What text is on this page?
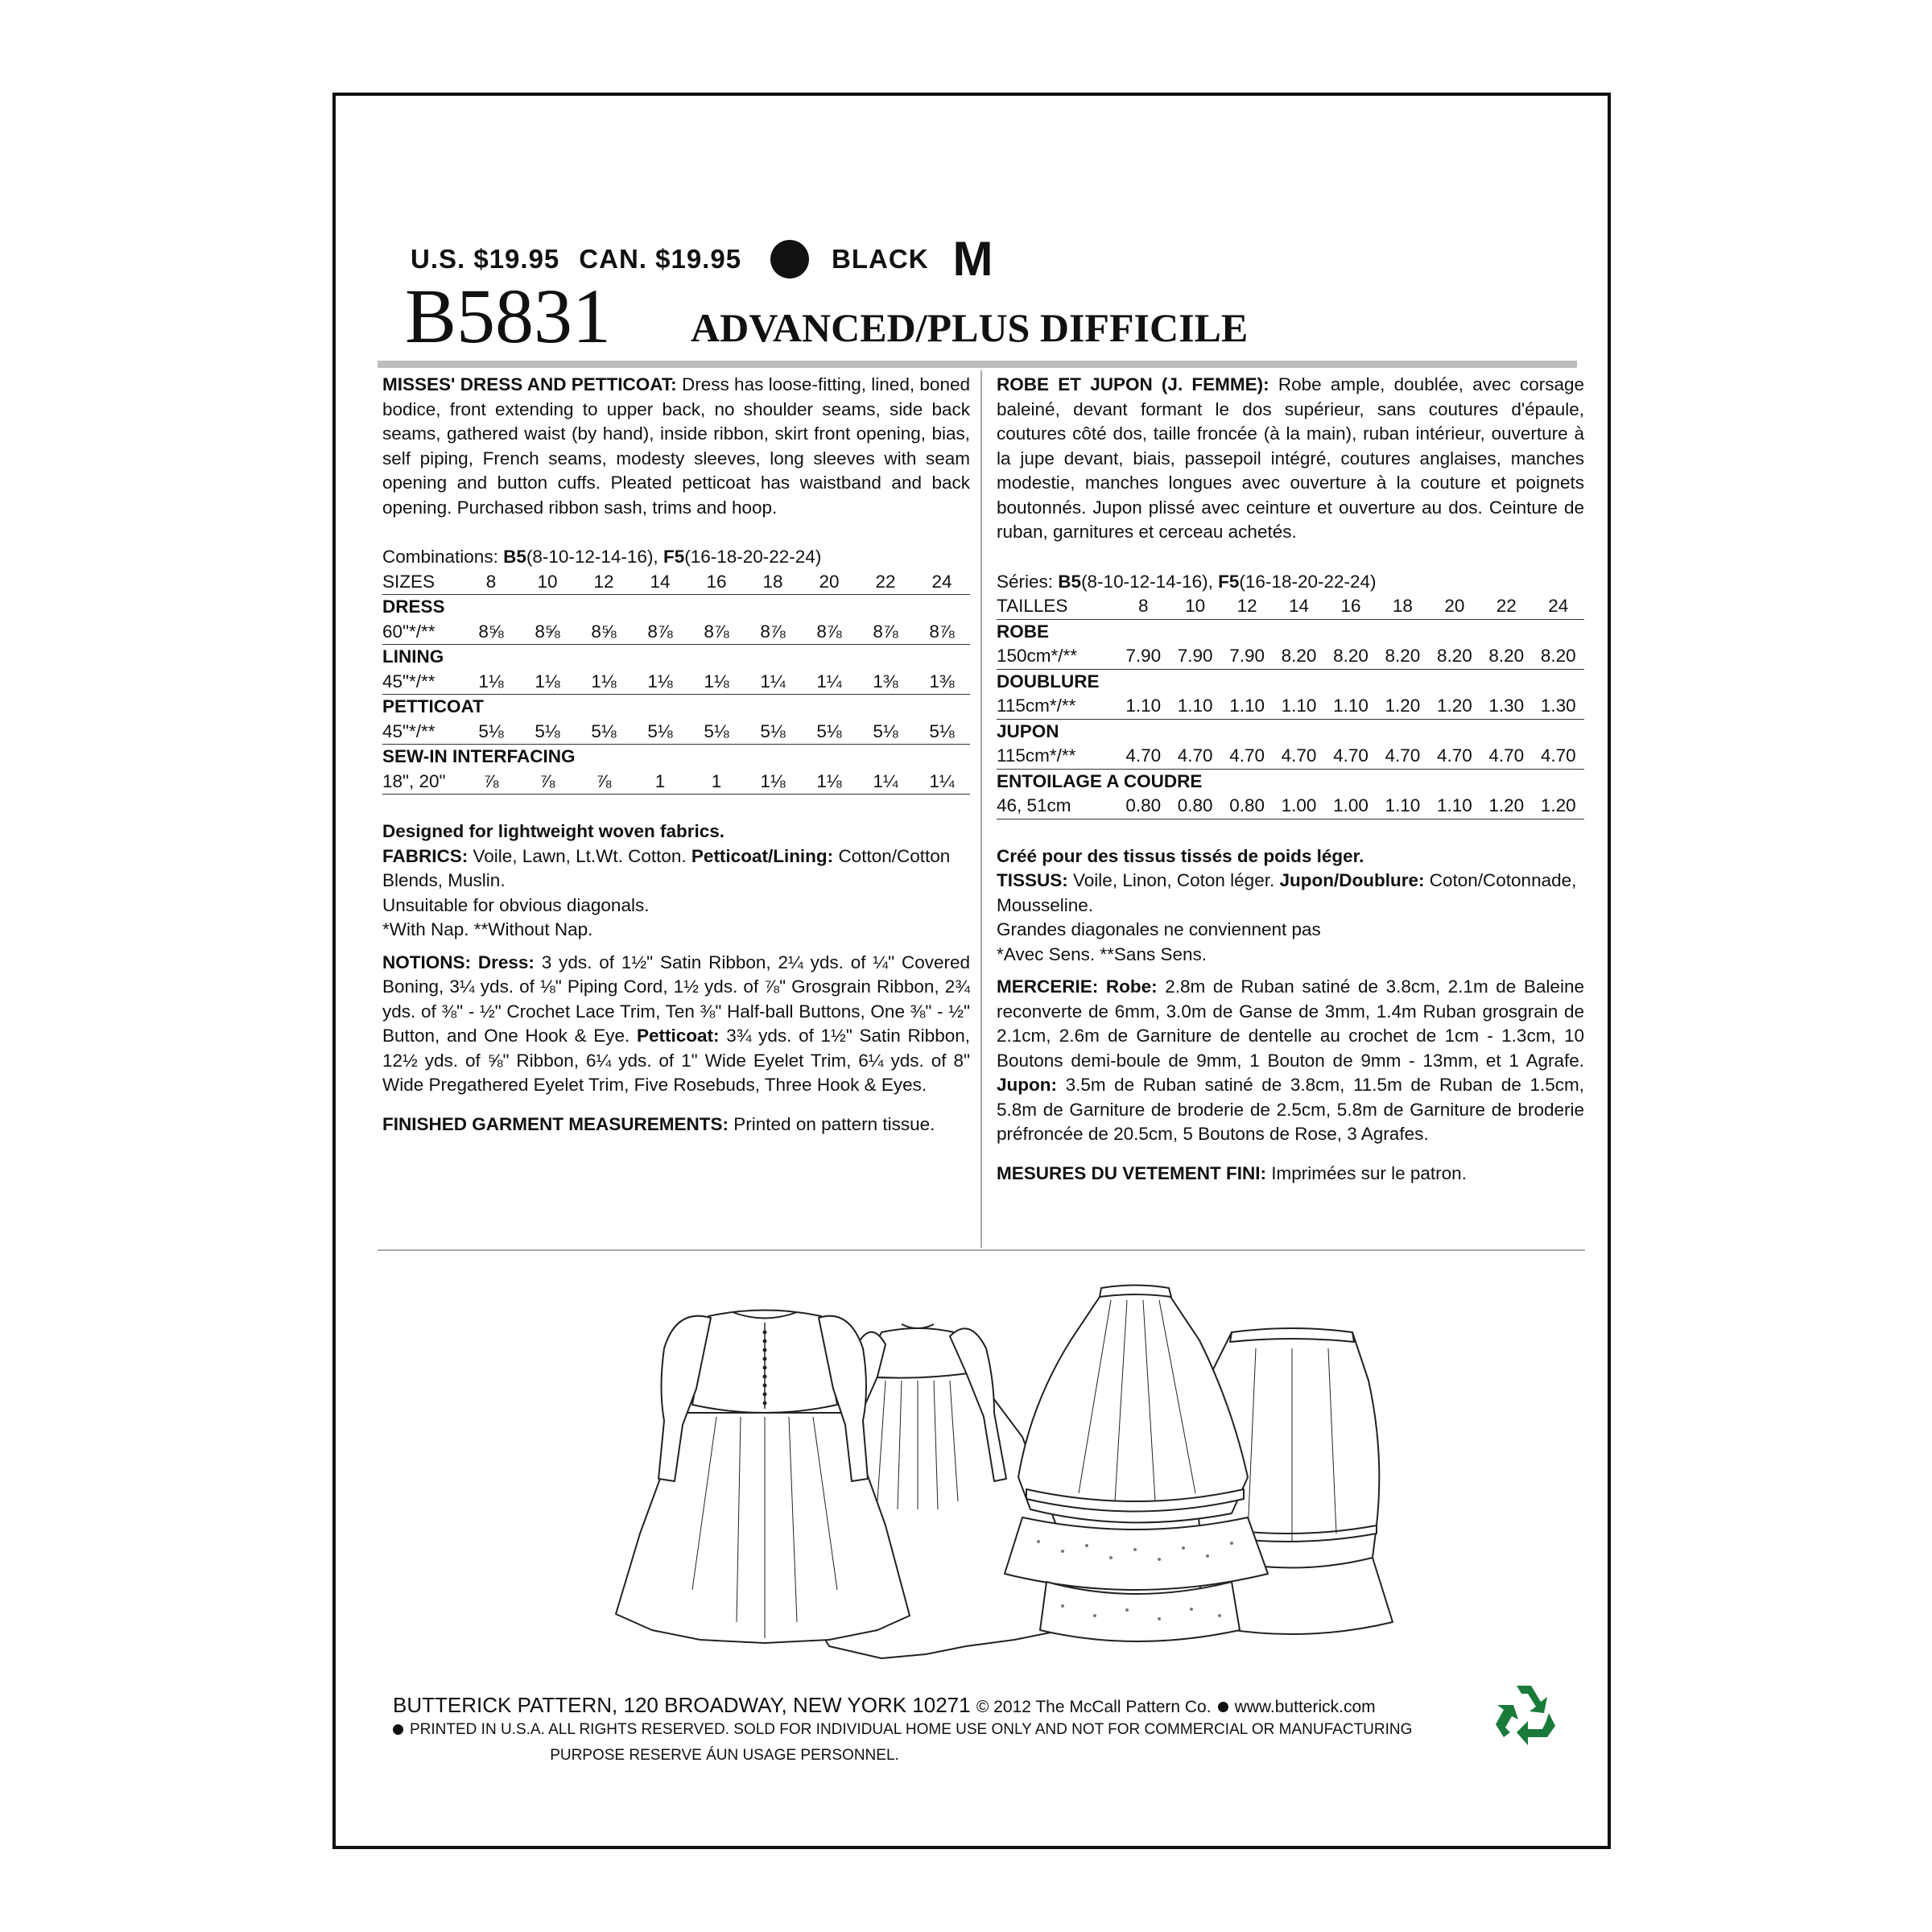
U.S. $19.95 CAN. $19.95	BLACK M
B5831 ADVANCED/PLUS DIFFICILE

MISSES' DRESS AND PETTICOAT: Dress has loose-fitting, lined, boned bodice, front extending to upper back, no shoulder seams, side back seams, gathered waist (by hand), inside ribbon, skirt front opening, bias, self piping, French seams, modesty sleeves, long sleeves with seam opening and button cuffs. Pleated petticoat has waistband and back opening. Purchased ribbon sash, trims and hoop.

Combinations: B5(8-10-12-14-16), F5(16-18-20-22-24)

SIZES	8	10	12	14	16	18	20	22	24
DRESS									
60"*/**	8⅝	8⅝	8⅝	8⅞	8⅞	8⅞	8⅞	8⅞	8⅞
LINING									
45"*/**	1⅛	1⅛	1⅛	1⅛	1⅛	1¼	1¼	1⅜	1⅜
PETTICOAT									
45"*/**	5⅛	5⅛	5⅛	5⅛	5⅛	5⅛	5⅛	5⅛	5⅛
SEW-IN INTERFACING									
18", 20"	⅞	⅞	⅞	1	1	1⅛	1⅛	1¼	1¼

Designed for lightweight woven fabrics.
FABRICS: Voile, Lawn, Lt.Wt. Cotton. Petticoat/Lining: Cotton/Cotton Blends, Muslin.
Unsuitable for obvious diagonals.
*With Nap. **Without Nap.

NOTIONS: Dress: 3 yds. of 1½" Satin Ribbon, 2¼ yds. of ¼" Covered Boning, 3¼ yds. of ⅛" Piping Cord, 1½ yds. of ⅞" Grosgrain Ribbon, 2¾ yds. of ⅜" - ½" Crochet Lace Trim, Ten ⅜" Half-ball Buttons, One ⅜" - ½" Button, and One Hook & Eye. Petticoat: 3¾ yds. of 1½" Satin Ribbon, 12½ yds. of ⅝" Ribbon, 6¼ yds. of 1" Wide Eyelet Trim, 6¼ yds. of 8" Wide Pregathered Eyelet Trim, Five Rosebuds, Three Hook & Eyes.

FINISHED GARMENT MEASUREMENTS: Printed on pattern tissue.

ROBE ET JUPON (J. FEMME): Robe ample, doublée, avec corsage baleiné, devant formant le dos supérieur, sans coutures d'épaule, coutures côté dos, taille froncée (à la main), ruban intérieur, ouverture à la jupe devant, biais, passepoil intégré, coutures anglaises, manches modestie, manches longues avec ouverture à la couture et poignets boutonnés. Jupon plissé avec ceinture et ouverture au dos. Ceinture de ruban, garnitures et cerceau achetés.

Séries: B5(8-10-12-14-16), F5(16-18-20-22-24)

TAILLES	8	10	12	14	16	18	20	22	24
ROBE									
150cm*/**	7.90	7.90	7.90	8.20	8.20	8.20	8.20	8.20	8.20
DOUBLURE									
115cm*/**	1.10	1.10	1.10	1.10	1.10	1.20	1.20	1.30	1.30
JUPON									
115cm*/**	4.70	4.70	4.70	4.70	4.70	4.70	4.70	4.70	4.70
ENTOILAGE A COUDRE									
46, 51cm	0.80	0.80	0.80	1.00	1.00	1.10	1.10	1.20	1.20

Créé pour des tissus tissés de poids léger.
TISSUS: Voile, Linon, Coton léger. Jupon/Doublure: Coton/Cotonnade, Mousseline.
Grandes diagonales ne conviennent pas
*Avec Sens. **Sans Sens.

MERCERIE: Robe: 2.8m de Ruban satiné de 3.8cm, 2.1m de Baleine reconverte de 6mm, 3.0m de Ganse de 3mm, 1.4m Ruban grosgrain de 2.1cm, 2.6m de Garniture de dentelle au crochet de 1cm - 1.3cm, 10 Boutons demi-boule de 9mm, 1 Bouton de 9mm - 13mm, et 1 Agrafe. Jupon: 3.5m de Ruban satiné de 3.8cm, 11.5m de Ruban de 1.5cm, 5.8m de Garniture de broderie de 2.5cm, 5.8m de Garniture de broderie préfroncée de 20.5cm, 5 Boutons de Rose, 3 Agrafes.

MESURES DU VETEMENT FINI: Imprimées sur le patron.

BUTTERICK PATTERN, 120 BROADWAY, NEW YORK 10271 © 2012 The McCall Pattern Co. www.butterick.com
PRINTED IN U.S.A. ALL RIGHTS RESERVED. SOLD FOR INDIVIDUAL HOME USE ONLY AND NOT FOR COMMERCIAL OR MANUFACTURING
PURPOSE RESERVE ÁUN USAGE PERSONNEL.
